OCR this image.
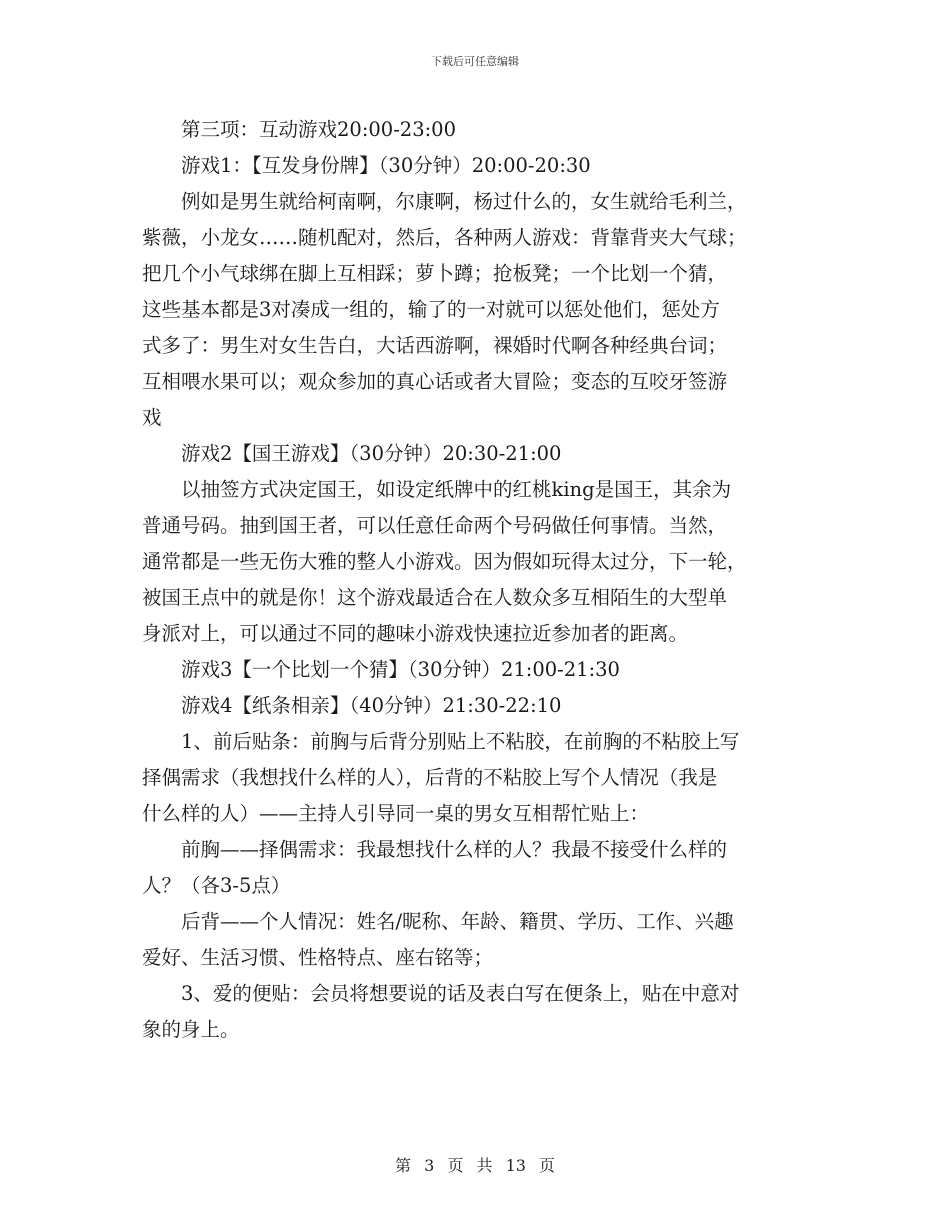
下载后可任意编辑

第三项：互动游戏20:00-23:00

游戏1：【互发身份牌】（30分钟）20:00-20:30

例如是男生就给柯南啊，尔康啊，杨过什么的，女生就给毛利兰，
紫薇，小龙女……随机配对，然后，各种两人游戏：背靠背夹大气球；
把几个小气球绑在脚上互相踩；萝卜蹲；抢板凳；一个比划一个猜，
这些基本都是3对凑成一组的，输了的一对就可以惩处他们，惩处方
式多了：男生对女生告白，大话西游啊，裸婚时代啊各种经典台词；
互相喂水果可以；观众参加的真心话或者大冒险；变态的互咬牙签游
戏

游戏2【国王游戏】（30分钟）20:30-21:00

以抽签方式决定国王，如设定纸牌中的红桃king是国王，其余为
普通号码。抽到国王者，可以任意任命两个号码做任何事情。当然，
通常都是一些无伤大雅的整人小游戏。因为假如玩得太过分，下一轮，
被国王点中的就是你！这个游戏最适合在人数众多互相陌生的大型单
身派对上，可以通过不同的趣味小游戏快速拉近参加者的距离。

游戏3【一个比划一个猜】（30分钟）21:00-21:30

游戏4【纸条相亲】（40分钟）21:30-22:10

1、前后贴条：前胸与后背分别贴上不粘胶，在前胸的不粘胶上写
择偶需求（我想找什么样的人），后背的不粘胶上写个人情况（我是
什么样的人）——主持人引导同一桌的男女互相帮忙贴上：

前胸——择偶需求：我最想找什么样的人？我最不接受什么样的
人？（各3-5点）

后背——个人情况：姓名/昵称、年龄、籍贯、学历、工作、兴趣
爱好、生活习惯、性格特点、座右铭等；

3、爱的便贴：会员将想要说的话及表白写在便条上，贴在中意对
象的身上。

第 3 页 共 13 页
